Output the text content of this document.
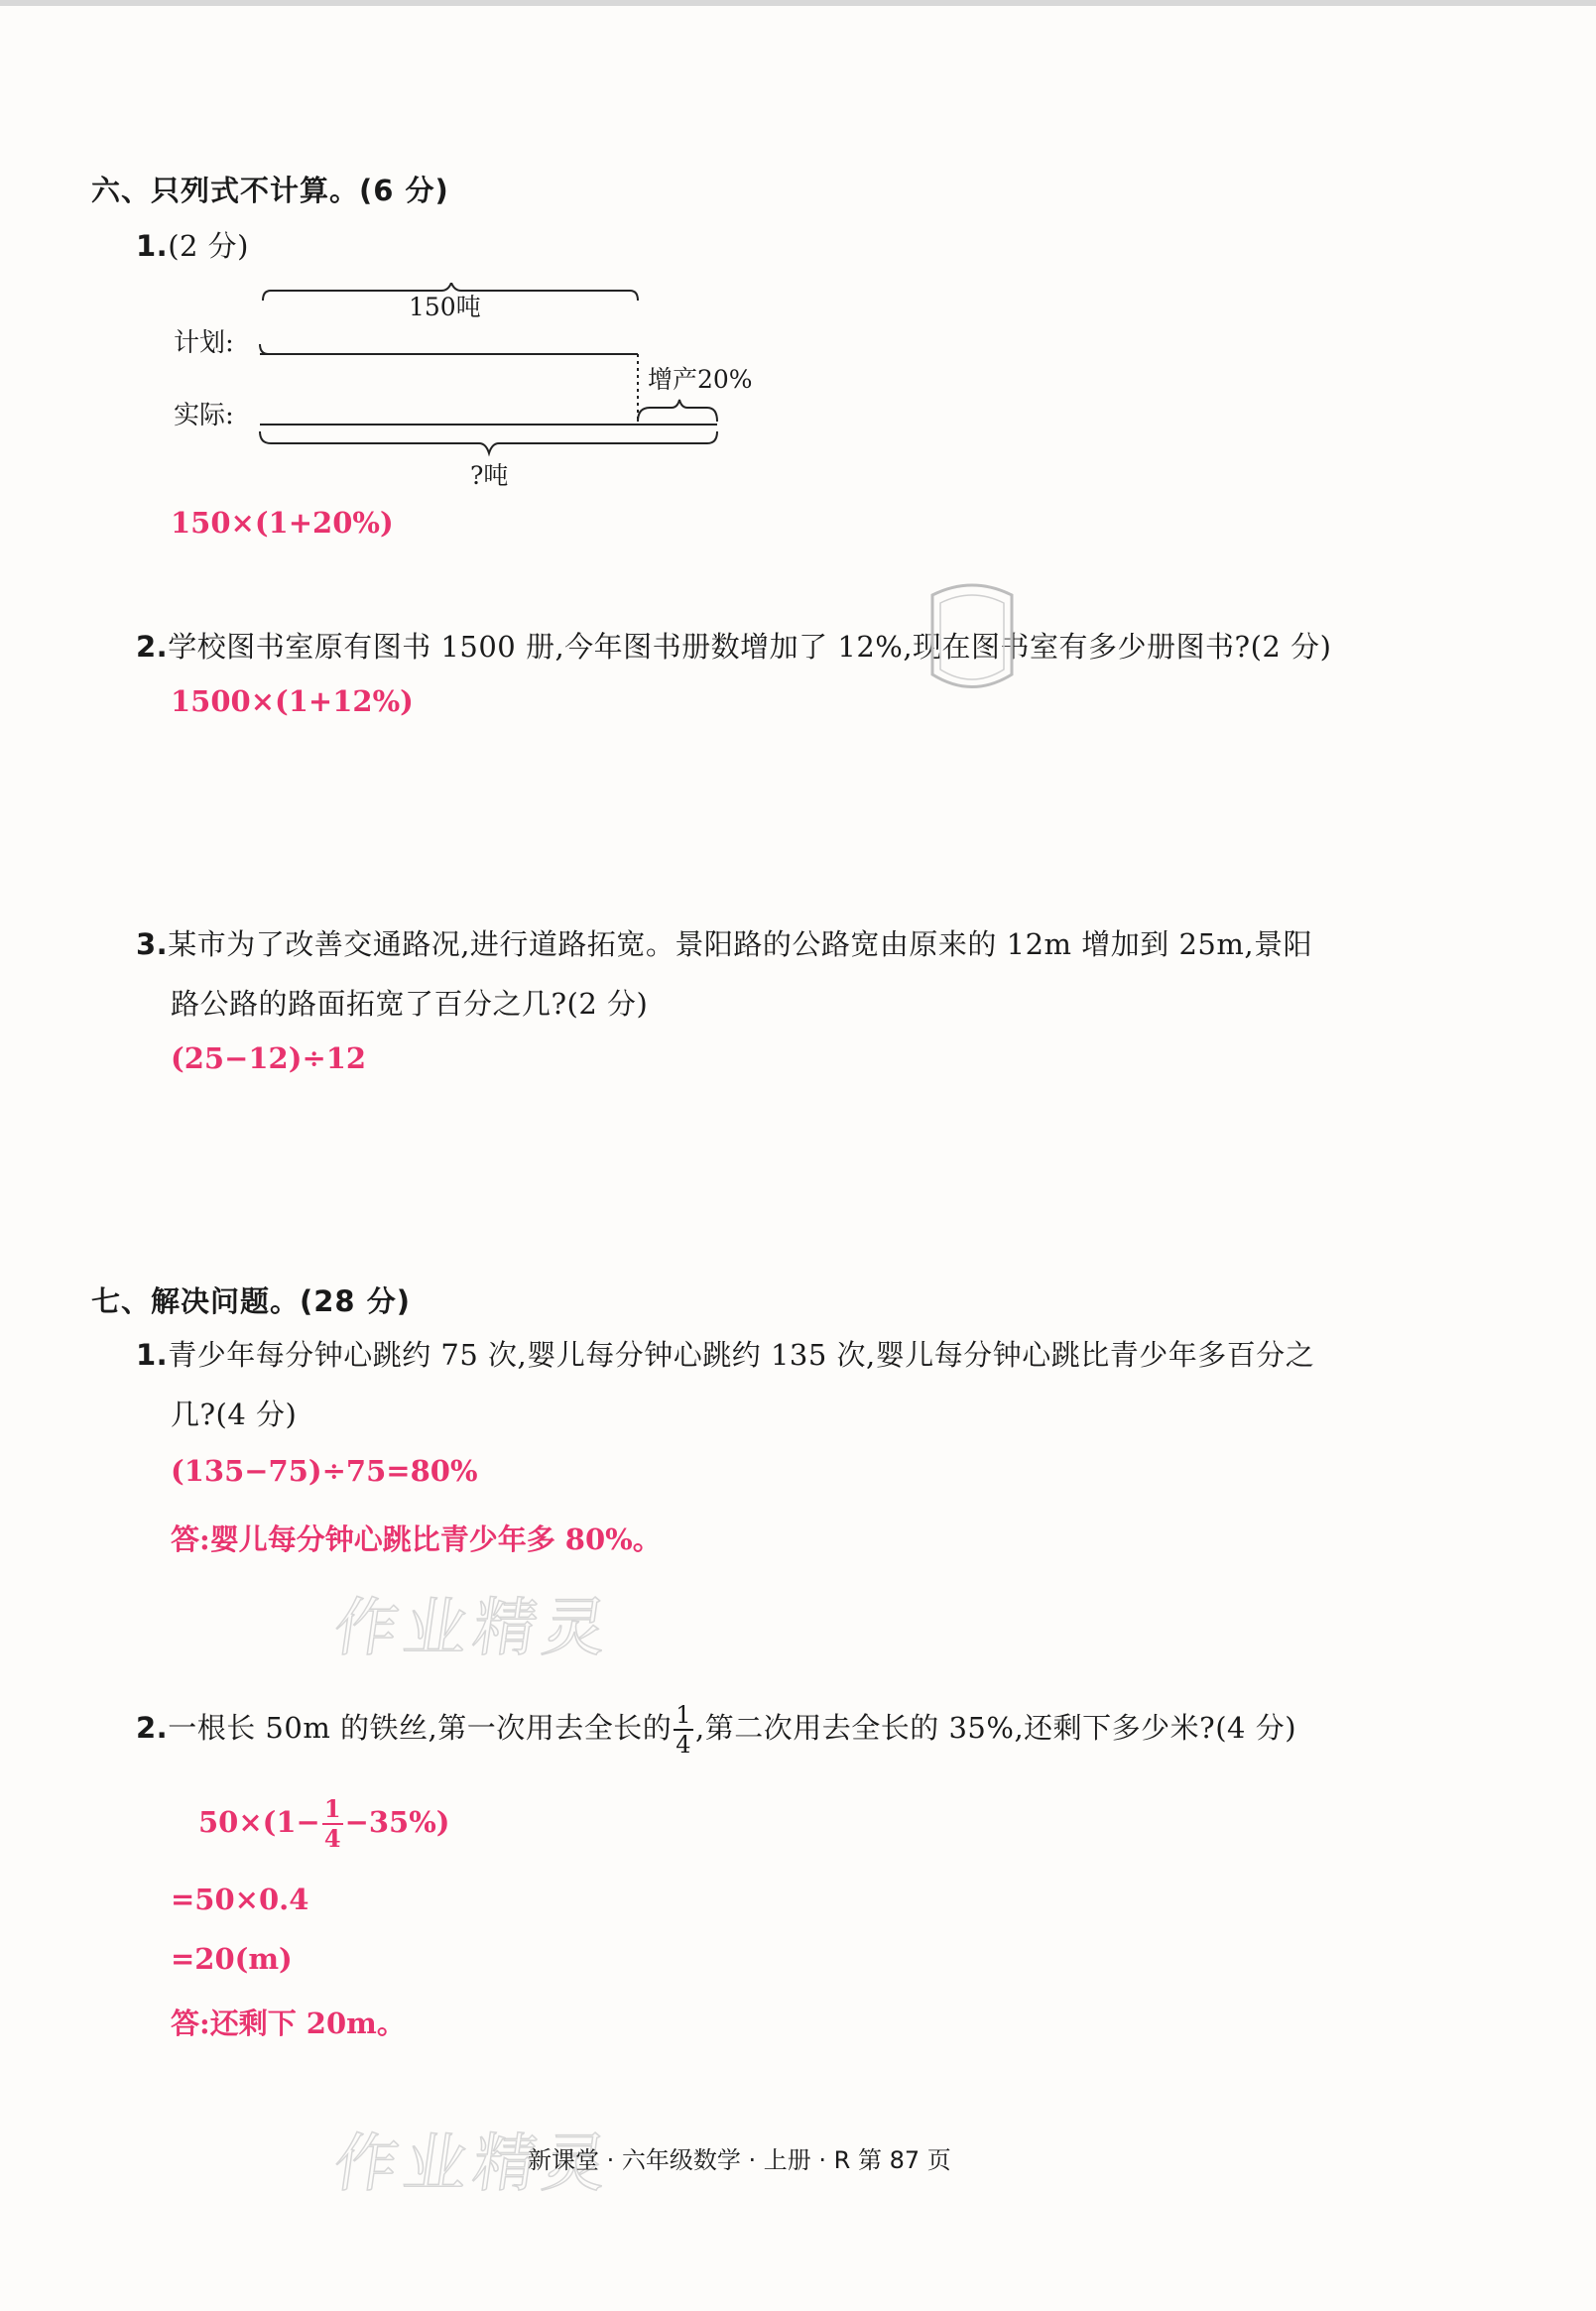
六、只列式不计算。(6 分)
1.(2 分)
计划:
实际:
150吨
增产20%
?吨
150×(1+20%)
2.学校图书室原有图书 1500 册,今年图书册数增加了 12%,现在图书室有多少册图书?(2 分)
1500×(1+12%)
3.某市为了改善交通路况,进行道路拓宽。景阳路的公路宽由原来的 12m 增加到 25m,景阳
路公路的路面拓宽了百分之几?(2 分)
(25−12)÷12
七、解决问题。(28 分)
1.青少年每分钟心跳约 75 次,婴儿每分钟心跳约 135 次,婴儿每分钟心跳比青少年多百分之
几?(4 分)
(135−75)÷75=80%
答:婴儿每分钟心跳比青少年多 80%。
作业精灵
2.一根长 50m 的铁丝,第一次用去全长的 $\frac{1}{4}$ ,第二次用去全长的 35%,还剩下多少米?(4 分)
$50\times(1- \frac{1}{4} -35\%)$
=50×0.4
=20(m)
答:还剩下 20m。
作业精灵
新课堂 · 六年级数学 · 上册 · R 第 87 页
